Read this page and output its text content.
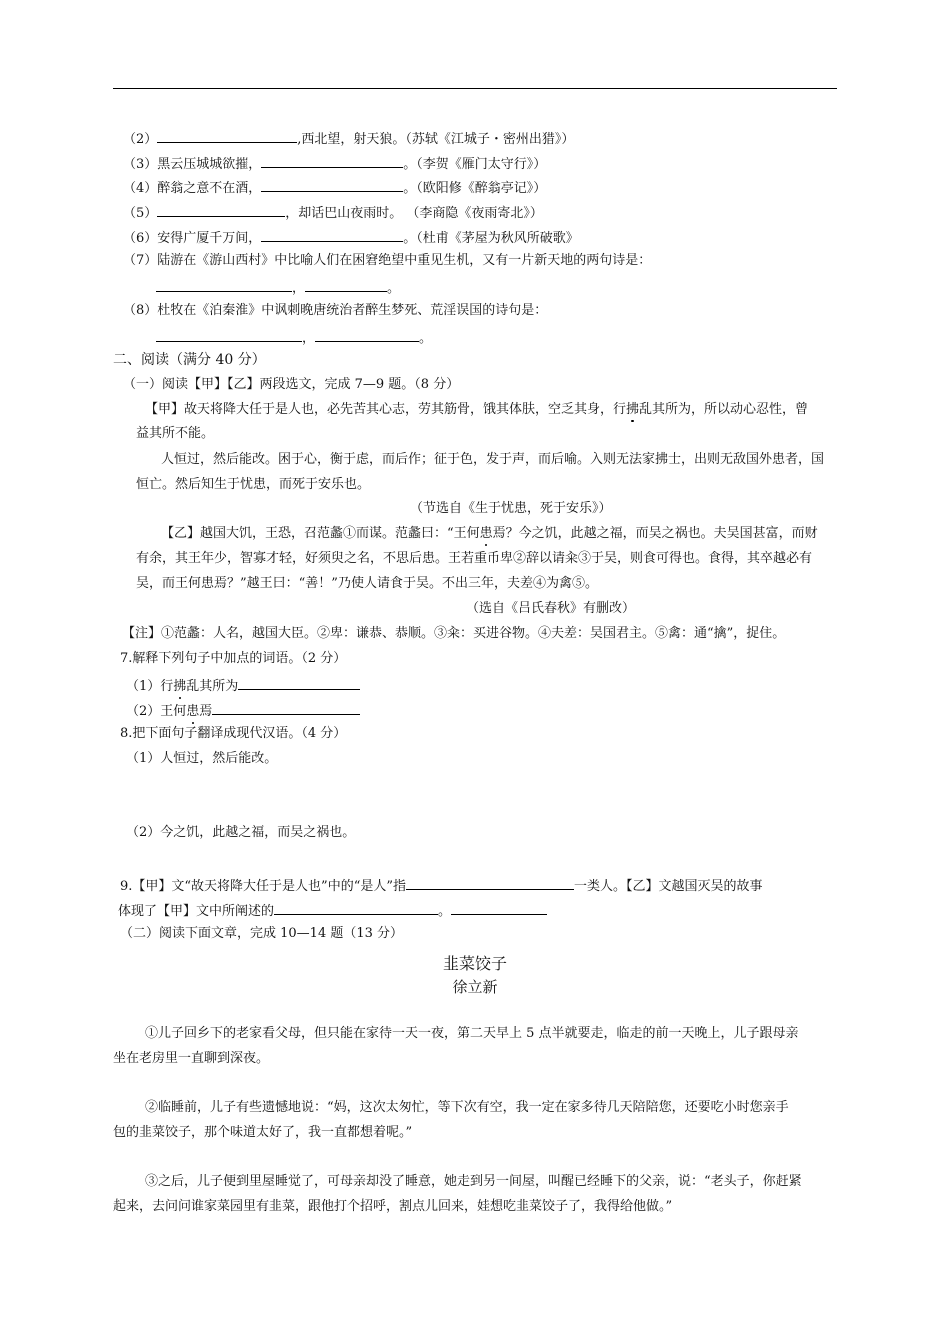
（2）	,西北望，射天狼。（苏轼《江城子・密州出猎》）
（3）黑云压城城欲摧，	。（李贺《雁门太守行》）
（4）醉翁之意不在酒，	。（欧阳修《醉翁亭记》）
（5）	，却话巴山夜雨时。 （李商隐《夜雨寄北》）
（6）安得广厦千万间，	。（杜甫《茅屋为秋风所破歌》
（7）陆游在《游山西村》中比喻人们在困窘绝望中重见生机，又有一片新天地的两句诗是：
，	。
（8）杜牧在《泊秦淮》中讽刺晚唐统治者醉生梦死、荒淫误国的诗句是：
，	。
二、阅读（满分 40 分）
（一）阅读【甲】【乙】两段选文，完成 7—9 题。（8 分）
【甲】故天将降大任于是人也，必先苦其心志，劳其筋骨，饿其体肤，空乏其身，行拂乱其所为，所以动心忍性，曾
益其所不能。
人恒过，然后能改。困于心，衡于虑，而后作；征于色，发于声，而后喻。入则无法家拂士，出则无敌国外患者，国
恒亡。然后知生于忧患，而死于安乐也。
（节选自《生于忧患，死于安乐》）
【乙】越国大饥，王恐，召范蠡①而谋。范蠡曰：“王何患焉？今之饥，此越之福，而吴之祸也。夫吴国甚富，而财
有余，其王年少，智寡才轻，好须臾之名，不思后患。王若重币卑②辞以请籴③于吴，则食可得也。食得，其卒越必有
吴，而王何患焉？”越王曰：“善！”乃使人请食于吴。不出三年，夫差④为禽⑤。
（选自《吕氏春秋》有删改）
【注】①范蠡：人名，越国大臣。②卑：谦恭、恭顺。③籴：买进谷物。④夫差：吴国君主。⑤禽：通“擒”，捉住。
7.解释下列句子中加点的词语。（2 分）
（1）行拂乱其所为
（2）王何患焉
8.把下面句子翻译成现代汉语。（4 分）
（1）人恒过，然后能改。
（2）今之饥，此越之福，而吴之祸也。
9.【甲】文“故天将降大任于是人也”中的“是人”指	一类人。【乙】文越国灭吴的故事
体现了【甲】文中所阐述的	。
（二）阅读下面文章，完成 10—14 题（13 分）
韭菜饺子
徐立新
①儿子回乡下的老家看父母，但只能在家待一天一夜，第二天早上 5 点半就要走，临走的前一天晚上，儿子跟母亲
坐在老房里一直聊到深夜。
②临睡前，儿子有些遗憾地说：“妈，这次太匆忙，等下次有空，我一定在家多待几天陪陪您，还要吃小时您亲手
包的韭菜饺子，那个味道太好了，我一直都想着呢。”
③之后，儿子便到里屋睡觉了，可母亲却没了睡意，她走到另一间屋，叫醒已经睡下的父亲，说：“老头子，你赶紧
起来，去问问谁家菜园里有韭菜，跟他打个招呼，割点儿回来，娃想吃韭菜饺子了，我得给他做。”
